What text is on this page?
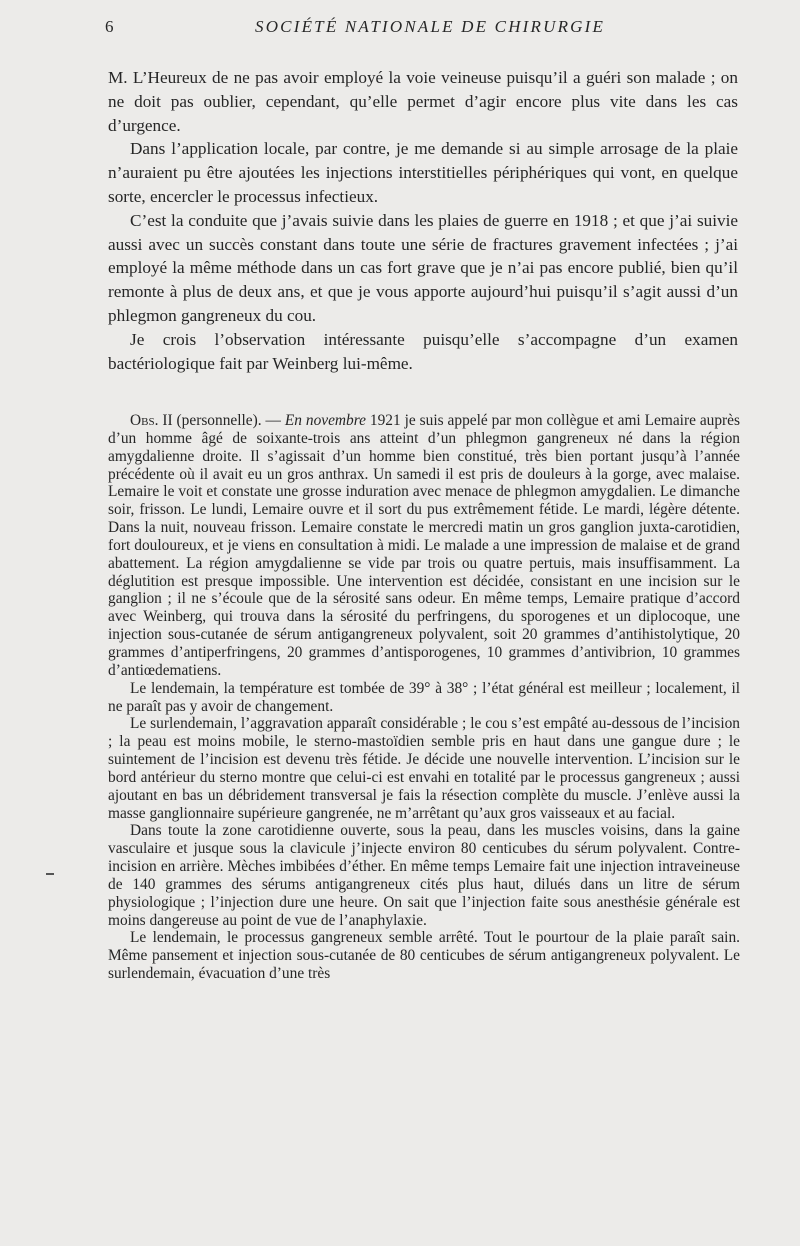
6	SOCIÉTÉ NATIONALE DE CHIRURGIE

M. L’Heureux de ne pas avoir employé la voie veineuse puisqu’il a guéri son malade ; on ne doit pas oublier, cependant, qu’elle permet d’agir encore plus vite dans les cas d’urgence.

Dans l’application locale, par contre, je me demande si au simple arrosage de la plaie n’auraient pu être ajoutées les injections interstitielles périphériques qui vont, en quelque sorte, encercler le processus infectieux.

C’est la conduite que j’avais suivie dans les plaies de guerre en 1918 ; et que j’ai suivie aussi avec un succès constant dans toute une série de fractures gravement infectées ; j’ai employé la même méthode dans un cas fort grave que je n’ai pas encore publié, bien qu’il remonte à plus de deux ans, et que je vous apporte aujourd’hui puisqu’il s’agit aussi d’un phlegmon gangreneux du cou.

Je crois l’observation intéressante puisqu’elle s’accompagne d’un examen bactériologique fait par Weinberg lui-même.

Obs. II (personnelle). — En novembre 1921 je suis appelé par mon collègue et ami Lemaire auprès d’un homme âgé de soixante-trois ans atteint d’un phlegmon gangreneux né dans la région amygdalienne droite. Il s’agissait d’un homme bien constitué, très bien portant jusqu’à l’année précédente où il avait eu un gros anthrax. Un samedi il est pris de douleurs à la gorge, avec malaise. Lemaire le voit et constate une grosse induration avec menace de phlegmon amygdalien. Le dimanche soir, frisson. Le lundi, Lemaire ouvre et il sort du pus extrêmement fétide. Le mardi, légère détente. Dans la nuit, nouveau frisson. Lemaire constate le mercredi matin un gros ganglion juxta-carotidien, fort douloureux, et je viens en consultation à midi. Le malade a une impression de malaise et de grand abattement. La région amygdalienne se vide par trois ou quatre pertuis, mais insuffisamment. La déglutition est presque impossible. Une intervention est décidée, consistant en une incision sur le ganglion ; il ne s’écoule que de la sérosité sans odeur. En même temps, Lemaire pratique d’accord avec Weinberg, qui trouva dans la sérosité du perfringens, du sporogenes et un diplocoque, une injection sous-cutanée de sérum antigangreneux polyvalent, soit 20 grammes d’antihistolytique, 20 grammes d’antiperfringens, 20 grammes d’antisporogenes, 10 grammes d’antivibrion, 10 grammes d’antiœdematiens.

Le lendemain, la température est tombée de 39° à 38° ; l’état général est meilleur ; localement, il ne paraît pas y avoir de changement.

Le surlendemain, l’aggravation apparaît considérable ; le cou s’est empâté au-dessous de l’incision ; la peau est moins mobile, le sterno-mastoïdien semble pris en haut dans une gangue dure ; le suintement de l’incision est devenu très fétide. Je décide une nouvelle intervention. L’incision sur le bord antérieur du sterno montre que celui-ci est envahi en totalité par le processus gangreneux ; aussi ajoutant en bas un débridement transversal je fais la résection complète du muscle. J’enlève aussi la masse ganglionnaire supérieure gangrenée, ne m’arrêtant qu’aux gros vaisseaux et au facial.

Dans toute la zone carotidienne ouverte, sous la peau, dans les muscles voisins, dans la gaine vasculaire et jusque sous la clavicule j’injecte environ 80 centicubes du sérum polyvalent. Contre-incision en arrière. Mèches imbibées d’éther. En même temps Lemaire fait une injection intraveineuse de 140 grammes des sérums antigangreneux cités plus haut, dilués dans un litre de sérum physiologique ; l’injection dure une heure. On sait que l’injection faite sous anesthésie générale est moins dangereuse au point de vue de l’anaphylaxie.

Le lendemain, le processus gangreneux semble arrêté. Tout le pourtour de la plaie paraît sain. Même pansement et injection sous-cutanée de 80 centicubes de sérum antigangreneux polyvalent. Le surlendemain, évacuation d’une très
